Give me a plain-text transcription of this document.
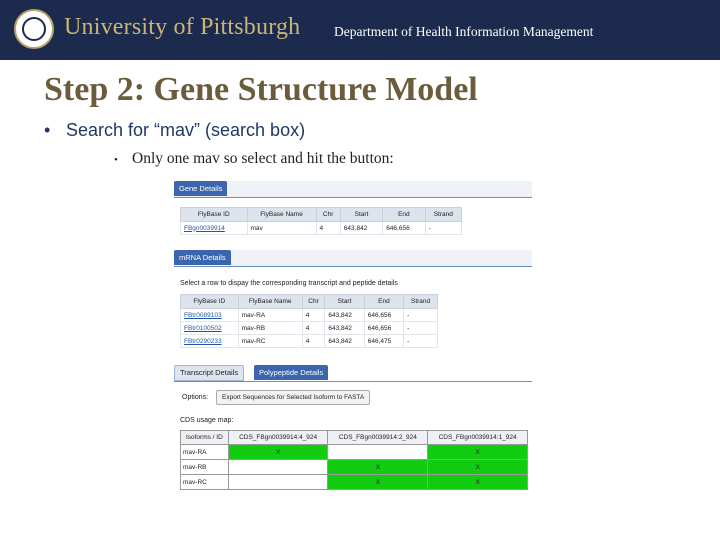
University of Pittsburgh Department of Health Information Management
Step 2: Gene Structure Model
• Search for “mav” (search box)
• Only one mav so select and hit the button:
Gene Details
FlyBase ID	FlyBase Name	Chr	Start	End	Strand
FBgn0039914	mav	4	643,842	646,656	-
mRNA Details
Select a row to dispay the corresponding transcript and peptide details
FlyBase ID	FlyBase Name	Chr	Start	End	Strand
FBtr0089103	mav-RA	4	643,842	646,656	-
FBtr0100502	mav-RB	4	643,842	646,656	-
FBtr0290233	mav-RC	4	643,842	646,475	-
Transcript Details	Polypeptide Details
Options:	Export Sequences for Selected Isoform to FASTA
CDS usage map:
Isoforms / ID	CDS_FBgn0039914:4_924	CDS_FBgn0039914:2_924	CDS_FBgn0039914:1_924
mav-RA	X		X
mav-RB		X	X
mav-RC		X	X
